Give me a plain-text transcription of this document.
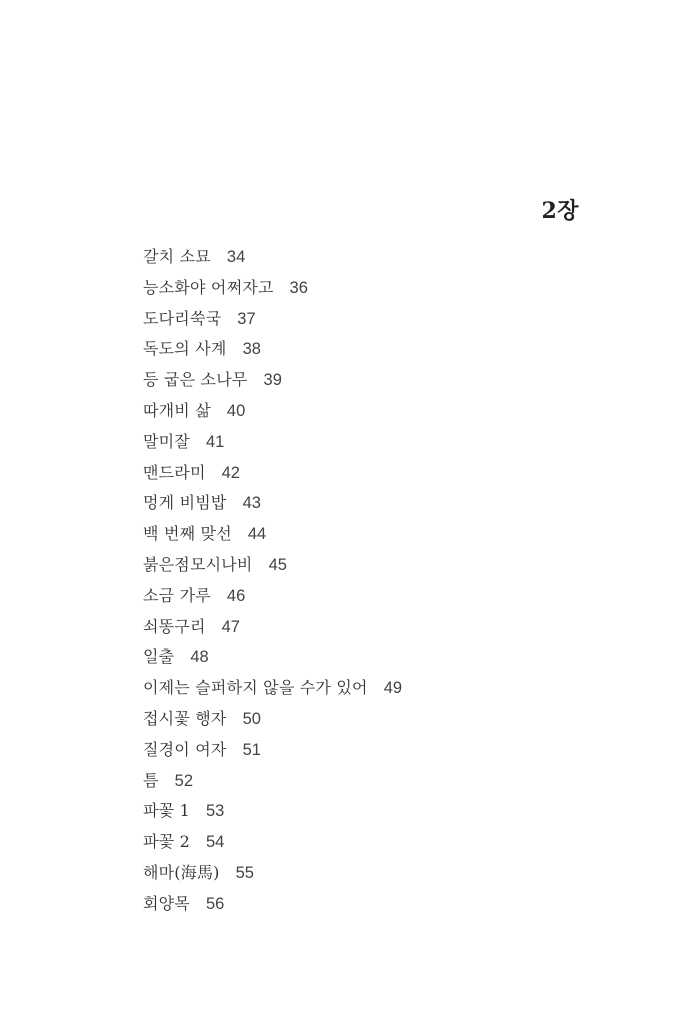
2장
갈치 소묘 34
능소화야 어쩌자고 36
도다리쑥국 37
독도의 사계 38
등 굽은 소나무 39
따개비 삶 40
말미잘 41
맨드라미 42
멍게 비빔밥 43
백 번째 맞선 44
붉은점모시나비 45
소금 가루 46
쇠똥구리 47
일출 48
이제는 슬퍼하지 않을 수가 있어 49
접시꽃 행자 50
질경이 여자 51
틈 52
파꽃 1 53
파꽃 2 54
해마(海馬) 55
회양목 56
